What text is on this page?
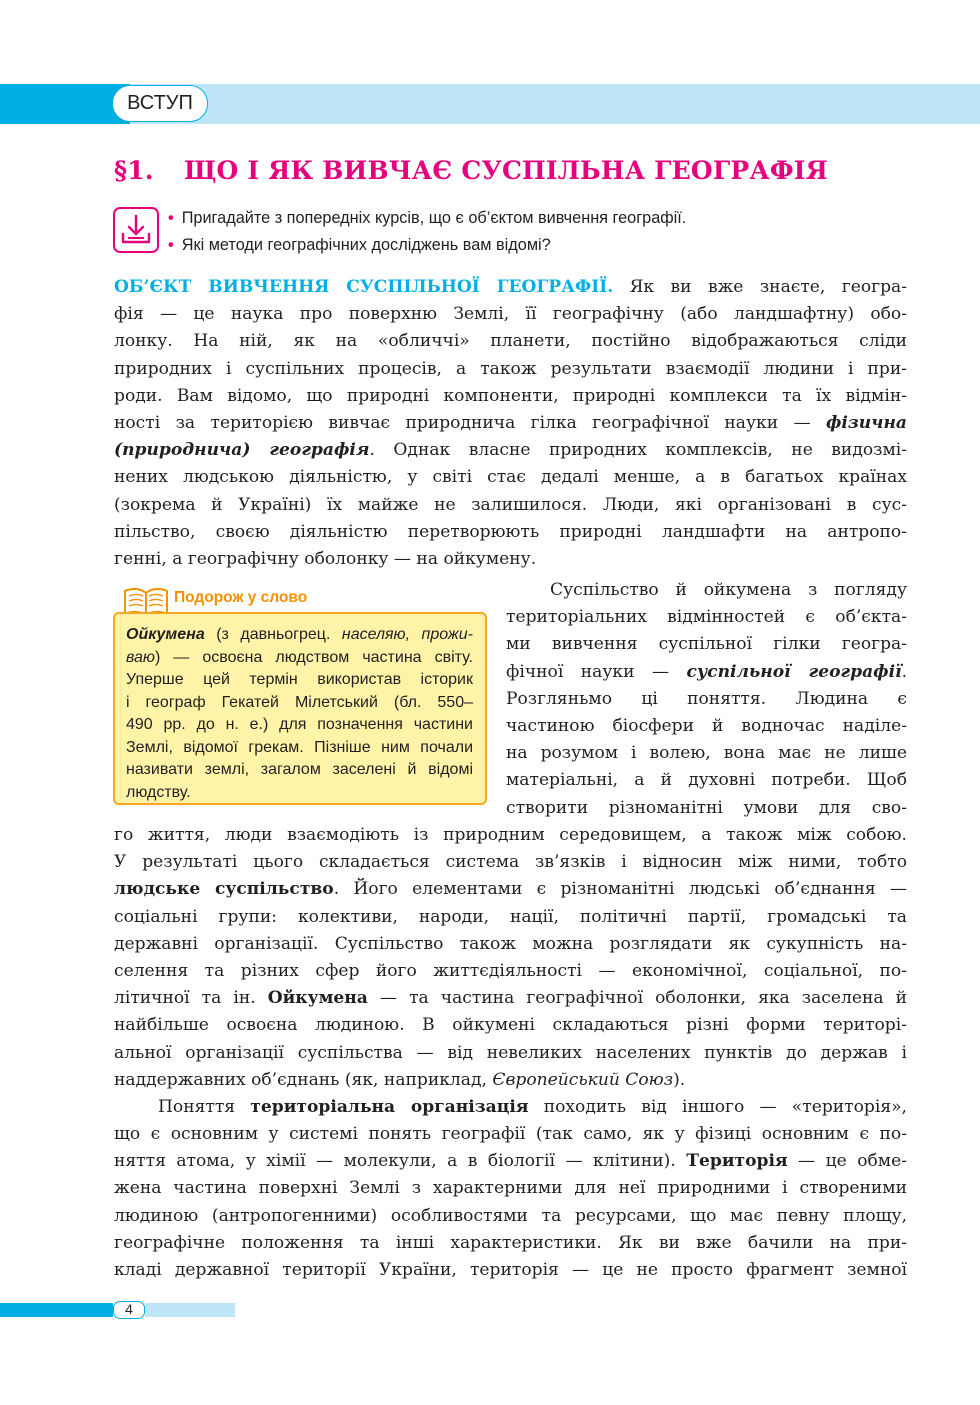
ВСТУП
§1. ЩО І ЯК ВИВЧАЄ СУСПІЛЬНА ГЕОГРАФІЯ
• Пригадайте з попередніх курсів, що є об’єктом вивчення географії.
• Які методи географічних досліджень вам відомі?
ОБ’ЄКТ ВИВЧЕННЯ СУСПІЛЬНОЇ ГЕОГРАФІЇ. Як ви вже знаєте, геогра-
фія — це наука про поверхню Землі, її географічну (або ландшафтну) обо-
лонку. На ній, як на «обличчі» планети, постійно відображаються сліди
природних і суспільних процесів, а також результати взаємодії людини і при-
роди. Вам відомо, що природні компоненти, природні комплекси та їх відмін-
ності за територією вивчає природнича гілка географічної науки — фізична
(природнича) географія. Однак власне природних комплексів, не видозмі-
нених людською діяльністю, у світі стає дедалі менше, а в багатьох країнах
(зокрема й Україні) їх майже не залишилося. Люди, які організовані в сус-
пільство, своєю діяльністю перетворюють природні ландшафти на антропо-
генні, а географічну оболонку — на ойкумену.
Подорож у слово
Ойкумена (з давньогрец. населяю, прожи-
ваю) — освоєна людством частина світу.
Уперше цей термін використав історик
і географ Гекатей Мілетський (бл. 550–
490 рр. до н. е.) для позначення частини
Землі, відомої грекам. Пізніше ним почали
називати землі, загалом заселені й відомі
людству.
Суспільство й ойкумена з погляду
територіальних відмінностей є об’єкта-
ми вивчення суспільної гілки геогра-
фічної науки — суспільної географії.
Розгляньмо ці поняття. Людина є
частиною біосфери й водночас наділе-
на розумом і волею, вона має не лише
матеріальні, а й духовні потреби. Щоб
створити різноманітні умови для сво-
го життя, люди взаємодіють із природним середовищем, а також між собою.
У результаті цього складається система зв’язків і відносин між ними, тобто
людське суспільство. Його елементами є різноманітні людські об’єднання —
соціальні групи: колективи, народи, нації, політичні партії, громадські та
державні організації. Суспільство також можна розглядати як сукупність на-
селення та різних сфер його життєдіяльності — економічної, соціальної, по-
літичної та ін. Ойкумена — та частина географічної оболонки, яка заселена й
найбільше освоєна людиною. В ойкумені складаються різні форми територі-
альної організації суспільства — від невеликих населених пунктів до держав і
наддержавних об’єднань (як, наприклад, Європейський Союз).
Поняття територіальна організація походить від іншого — «територія»,
що є основним у системі понять географії (так само, як у фізиці основним є по-
няття атома, у хімії — молекули, а в біології — клітини). Територія — це обме-
жена частина поверхні Землі з характерними для неї природними і створеними
людиною (антропогенними) особливостями та ресурсами, що має певну площу,
географічне положення та інші характеристики. Як ви вже бачили на при-
кладі державної території України, територія — це не просто фрагмент земної
4
